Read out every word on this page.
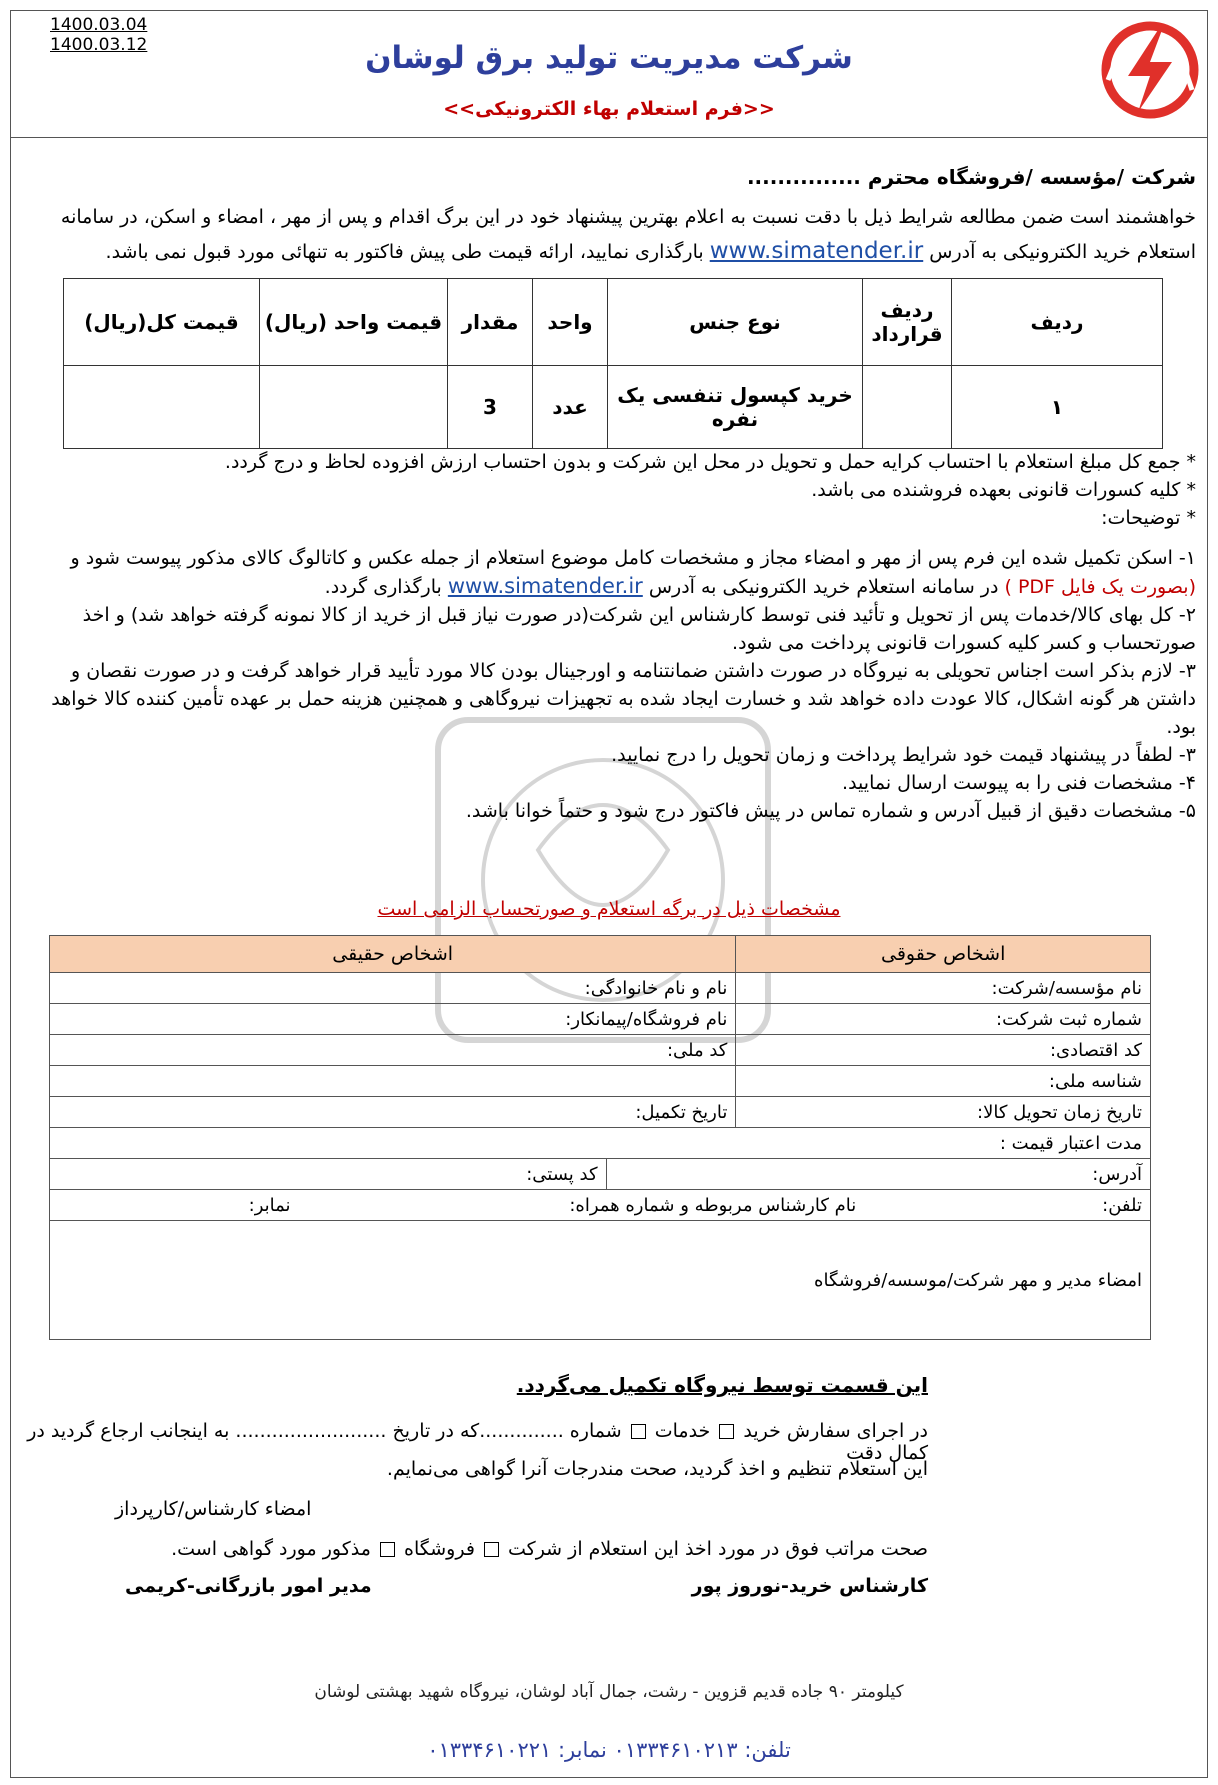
1400.03.04
1400.03.12	شرکت مدیریت تولید برق لوشان
<<فرم استعلام بهاء الکترونیکی>>
شرکت /مؤسسه /فروشگاه محترم ...............
خواهشمند است ضمن مطالعه شرایط ذیل با دقت نسبت به اعلام بهترین پیشنهاد خود در این برگ اقدام و پس از مهر ، امضاء و اسکن، در سامانه استعلام خرید الکترونیکی به آدرس www.simatender.ir بارگذاری نمایید، ارائه قیمت طی پیش فاکتور به تنهائی مورد قبول نمی باشد.
ردیف	ردیف قرارداد	نوع جنس	واحد	مقدار	قیمت واحد (ریال)	قیمت کل(ریال)
۱		خرید کپسول تنفسی یک نفره	عدد	3		

* جمع کل مبلغ استعلام با احتساب کرایه حمل و تحویل در محل این شرکت و بدون احتساب ارزش افزوده لحاظ و درج گردد.

* کلیه کسورات قانونی بعهده فروشنده می باشد.

* توضیحات:

۱- اسکن تکمیل شده این فرم پس از مهر و امضاء مجاز و مشخصات کامل موضوع استعلام از جمله عکس و کاتالوگ کالای مذکور پیوست شود و (بصورت یک فایل PDF ) در سامانه استعلام خرید الکترونیکی به آدرس www.simatender.ir بارگذاری گردد.

۲- کل بهای کالا/خدمات پس از تحویل و تأئید فنی توسط کارشناس این شرکت(در صورت نیاز قبل از خرید از کالا نمونه گرفته خواهد شد) و اخذ صورتحساب و کسر کلیه کسورات قانونی پرداخت می شود.

۳- لازم بذکر است اجناس تحویلی به نیروگاه در صورت داشتن ضمانتنامه و اورجینال بودن کالا مورد تأیید قرار خواهد گرفت و در صورت نقصان و داشتن هر گونه اشکال، کالا عودت داده خواهد شد و خسارت ایجاد شده به تجهیزات نیروگاهی و همچنین هزینه حمل بر عهده تأمین کننده کالا خواهد بود.

۳- لطفاً در پیشنهاد قیمت خود شرایط پرداخت و زمان تحویل را درج نمایید.

۴- مشخصات فنی را به پیوست ارسال نمایید.

۵- مشخصات دقیق از قبیل آدرس و شماره تماس در پیش فاکتور درج شود و حتماً خوانا باشد.

مشخصات ذیل در برگه استعلام و صورتحساب الزامی است
اشخاص حقوقی	اشخاص حقیقی	
نام مؤسسه/شرکت:	نام و نام خانوادگی:	
شماره ثبت شرکت:	نام فروشگاه/پیمانکار:	
کد اقتصادی:	کد ملی:	
شناسه ملی:		
تاریخ زمان تحویل کالا:	تاریخ تکمیل:	
مدت اعتبار قیمت :		
آدرس:		کد پستی:
تلفن: نام کارشناس مربوطه و شماره همراه: نمابر:		
امضاء مدیر و مهر شرکت/موسسه/فروشگاه		
این قسمت توسط نیروگاه تکمیل می‌گردد.
در اجرای سفارش خرید  خدمات  شماره ..............که در تاریخ ......................... به اینجانب ارجاع گردید در کمال دقت
این استعلام تنظیم و اخذ گردید، صحت مندرجات آنرا گواهی می‌نمایم.
امضاء کارشناس/کارپرداز
صحت مراتب فوق در مورد اخذ این استعلام از شرکت  فروشگاه  مذکور مورد گواهی است.
کارشناس خرید-نوروز پور
مدیر امور بازرگانی-کریمی
کیلومتر ۹۰ جاده قدیم قزوین - رشت، جمال آباد لوشان، نیروگاه شهید بهشتی لوشان
تلفن: ۰۱۳۳۴۶۱۰۲۱۳ نمابر: ۰۱۳۳۴۶۱۰۲۲۱
